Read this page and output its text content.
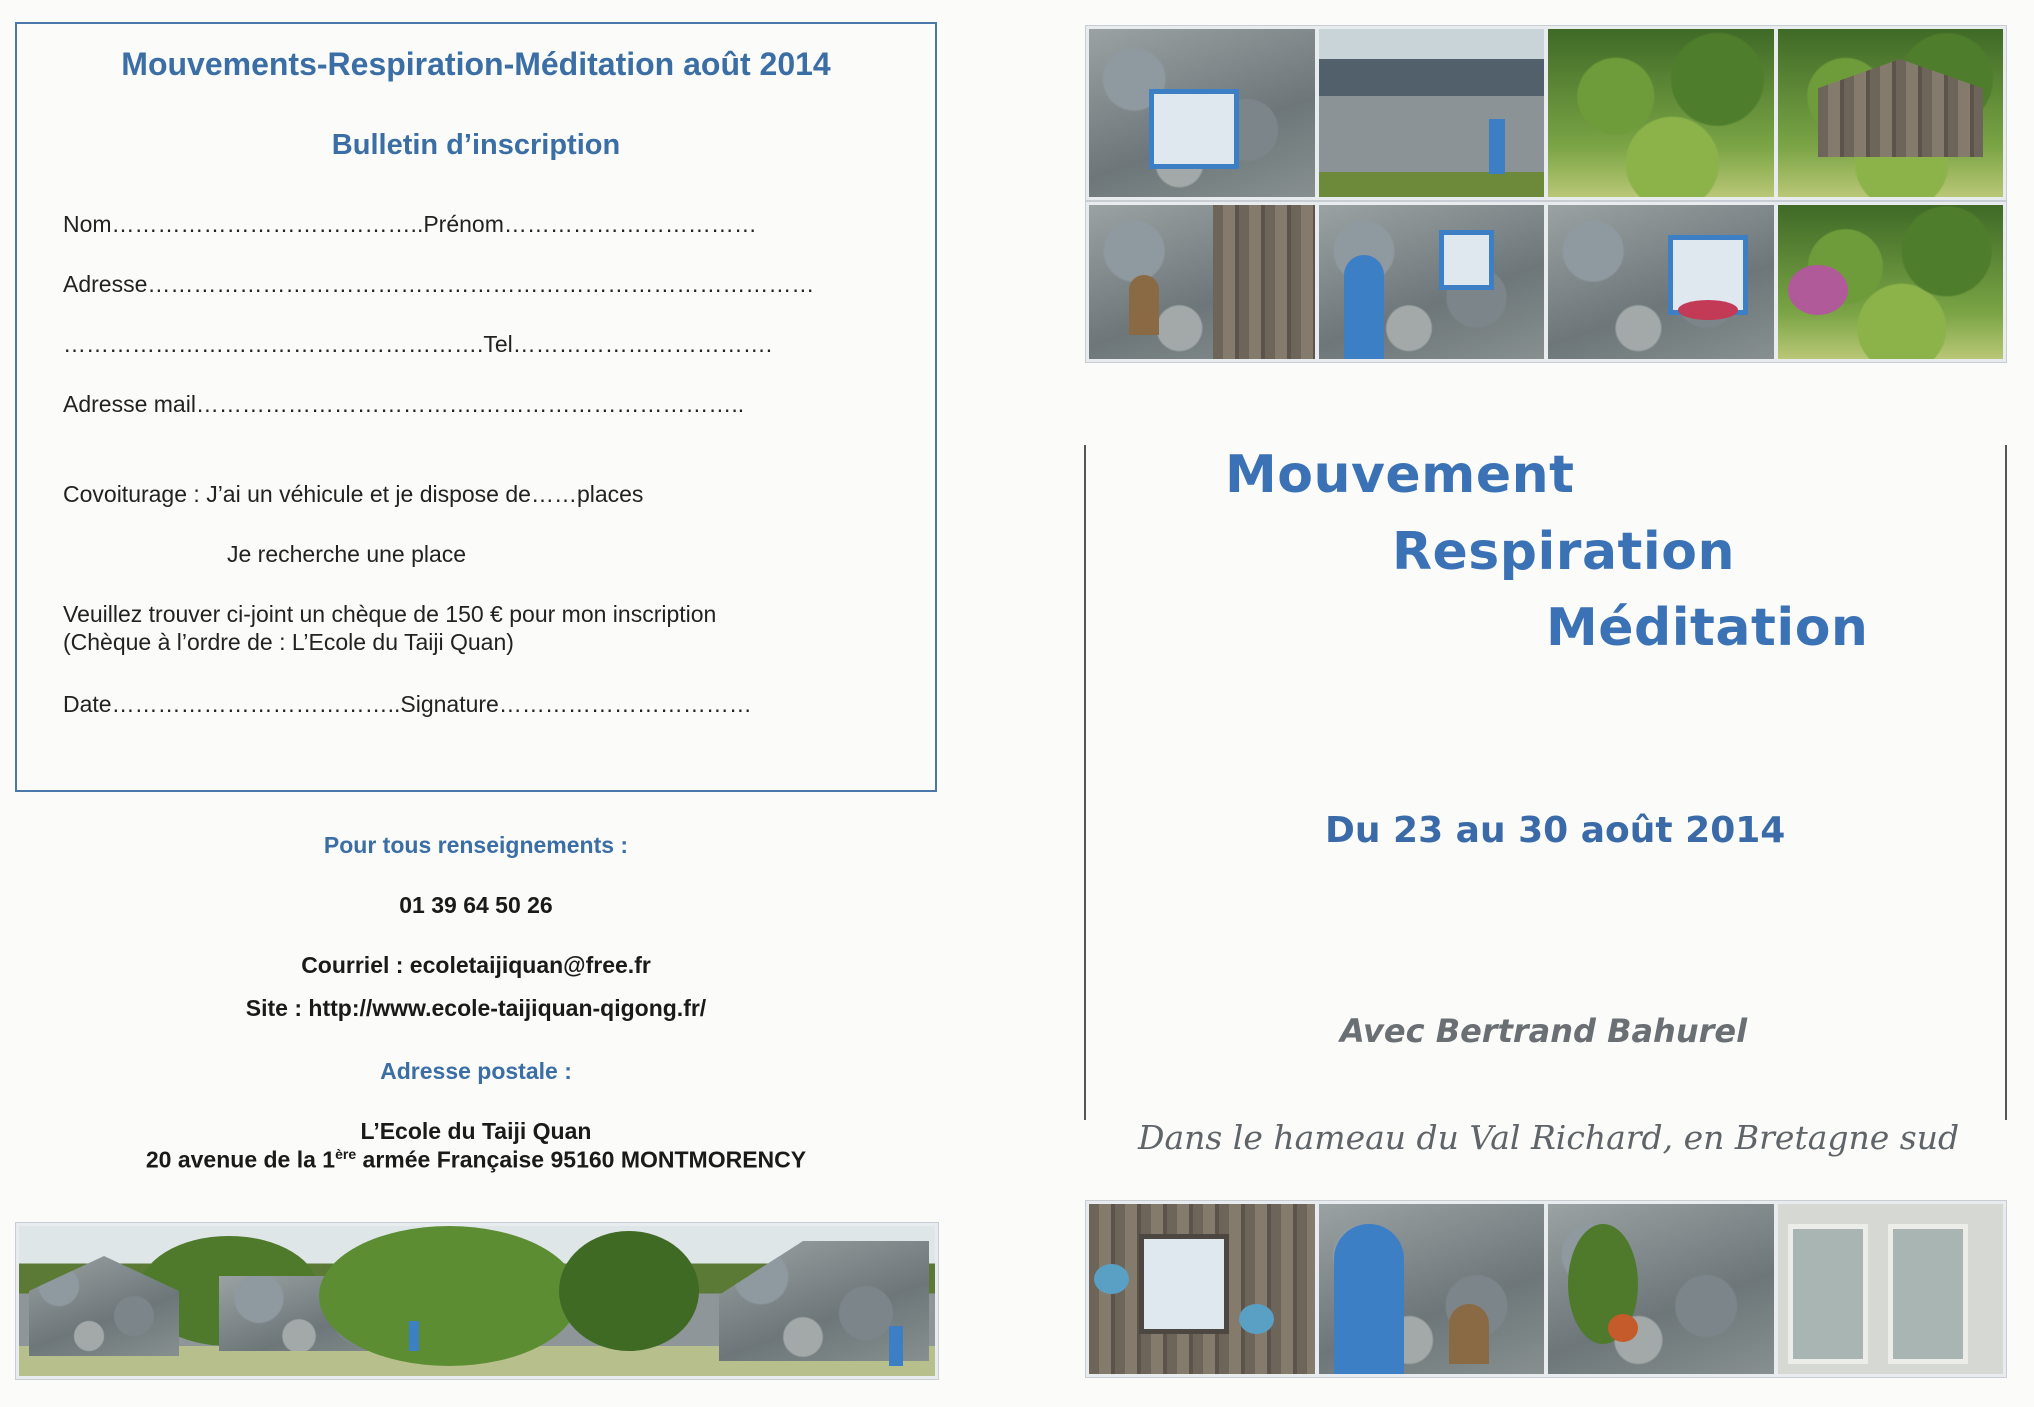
Mouvements-Respiration-Méditation août 2014
Bulletin d’inscription
Nom…………………………………..Prénom……………………………
Adresse……………………………………………………………………………
……………………………………………….Tel…………………………….
Adresse mail……………………………….……………………………..
Covoiturage : J’ai un véhicule et je dispose de……places
Je recherche une place
Veuillez trouver ci-joint un chèque de 150 € pour mon inscription
(Chèque à l’ordre de : L’Ecole du Taiji Quan)
Date………………………………..Signature……………………………
Pour tous renseignements :
01 39 64 50 26
Courriel : ecoletaijiquan@free.fr
Site : http://www.ecole-taijiquan-qigong.fr/
Adresse postale :
L’Ecole du Taiji Quan
20 avenue de la 1ère armée Française 95160 MONTMORENCY
Mouvement
Respiration
Méditation
Du 23 au 30 août 2014
Avec Bertrand Bahurel
Dans le hameau du Val Richard, en Bretagne sud
